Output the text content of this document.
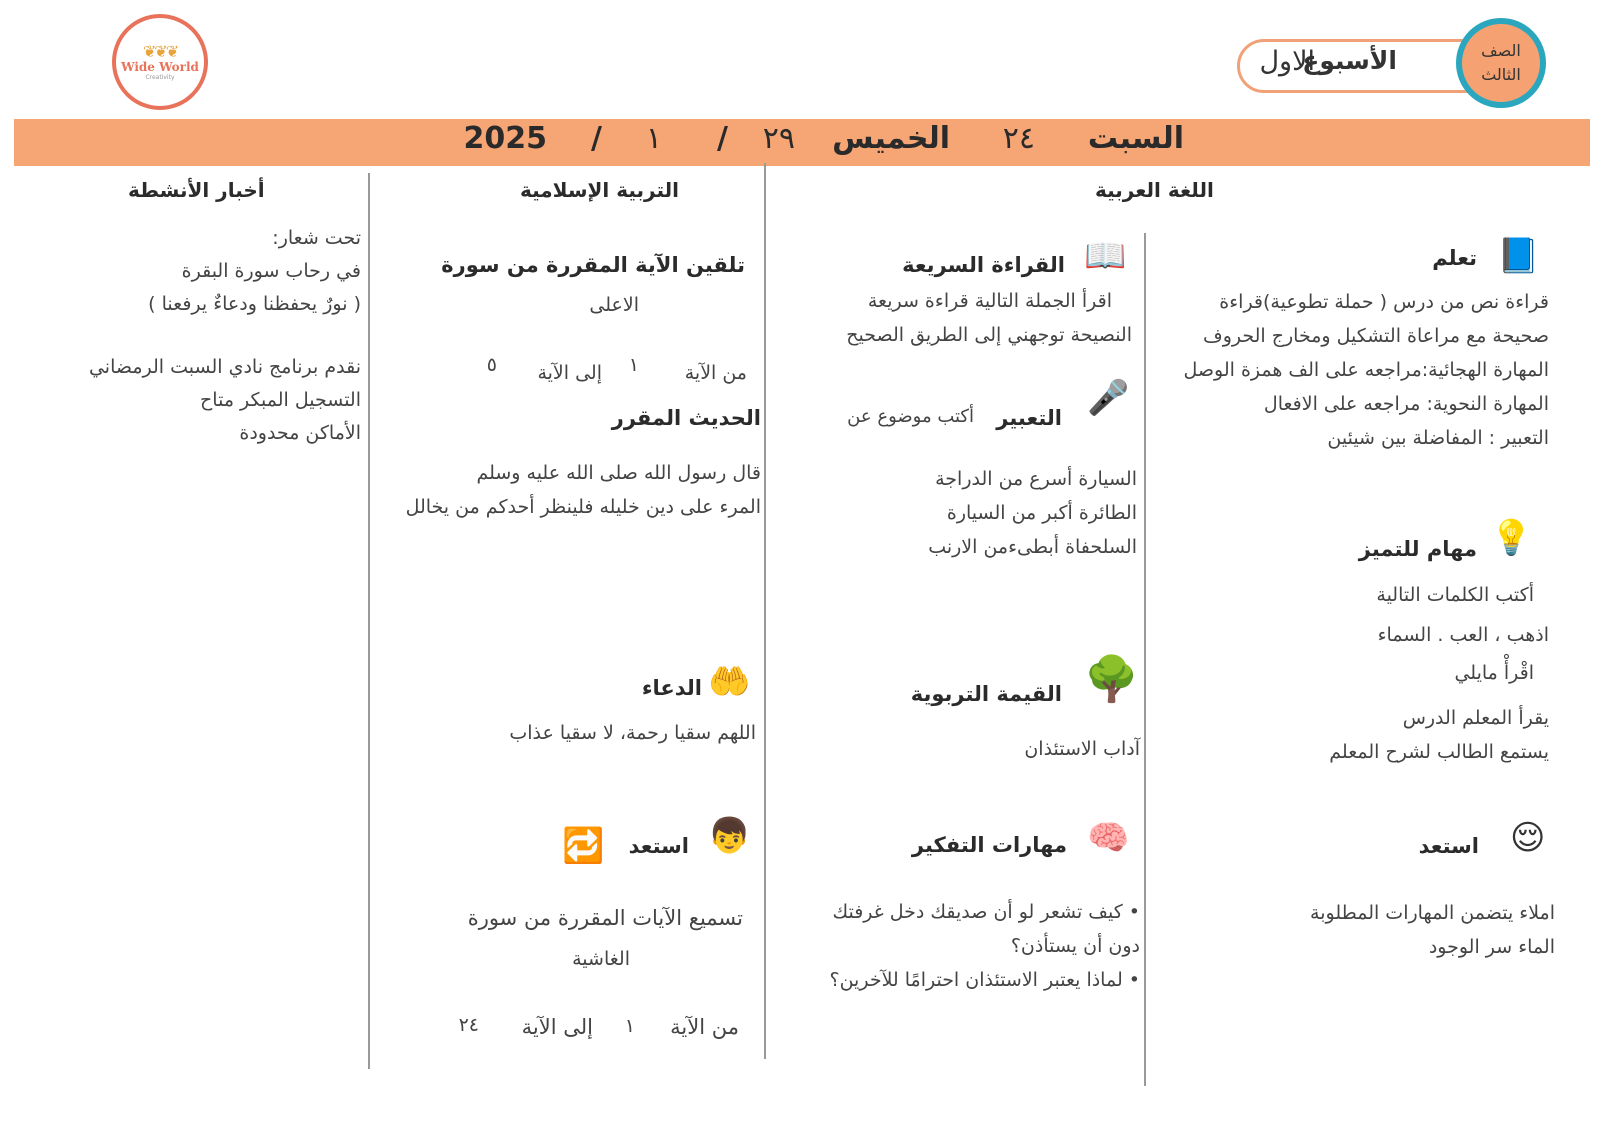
❦❦❦
Wide World
Creativity
الأسبوع
الاول	الصف
الثالث
السبت
٢٤
الخميس
٢٩
/
١
/
2025
اللغة العربية
التربية الإسلامية
أخبار الأنشطة
📘
تعلم
قراءة نص من درس ( حملة تطوعية)قراءة
صحيحة مع مراعاة التشكيل ومخارج الحروف
المهارة الهجائية:مراجعه على الف همزة الوصل
المهارة النحوية: مراجعه على الافعال
التعبير : المفاضلة بين شيئين
💡
مهام للتميز
أكتب الكلمات التالية
اذهب ، العب . السماء
اقْرأْ مايلي
يقرأ المعلم الدرس
يستمع الطالب لشرح المعلم
😌
استعد
املاء يتضمن المهارات المطلوبة
الماء سر الوجود
📖
القراءة السريعة
اقرأ الجملة التالية قراءة سريعة
النصيحة توجهني إلى الطريق الصحيح
🎤
التعبير
أكتب موضوع عن
السيارة أسرع من الدراجة
الطائرة أكبر من السيارة
السلحفاة أبطىءمن الارنب
🌳
القيمة التربوية
آداب الاستئذان
🧠
مهارات التفكير
• كيف تشعر لو أن صديقك دخل غرفتك
دون أن يستأذن؟
• لماذا يعتبر الاستئذان احترامًا للآخرين؟
تلقين الآية المقررة من سورة
الاعلى
من الآية
١
إلى الآية
٥
الحديث المقرر
قال رسول الله صلى الله عليه وسلم
المرء على دين خليله فلينظر أحدكم من يخالل
🤲
الدعاء
اللهم سقيا رحمة، لا سقيا عذاب
👦
استعد
🔁
تسميع الآيات المقررة من سورة
الغاشية
من الآية
١
إلى الآية
٢٤
تحت شعار:
في رحاب سورة البقرة
( نورٌ يحفظنا ودعاءٌ يرفعنا )
نقدم برنامج نادي السبت الرمضاني
التسجيل المبكر متاح
الأماكن محدودة
